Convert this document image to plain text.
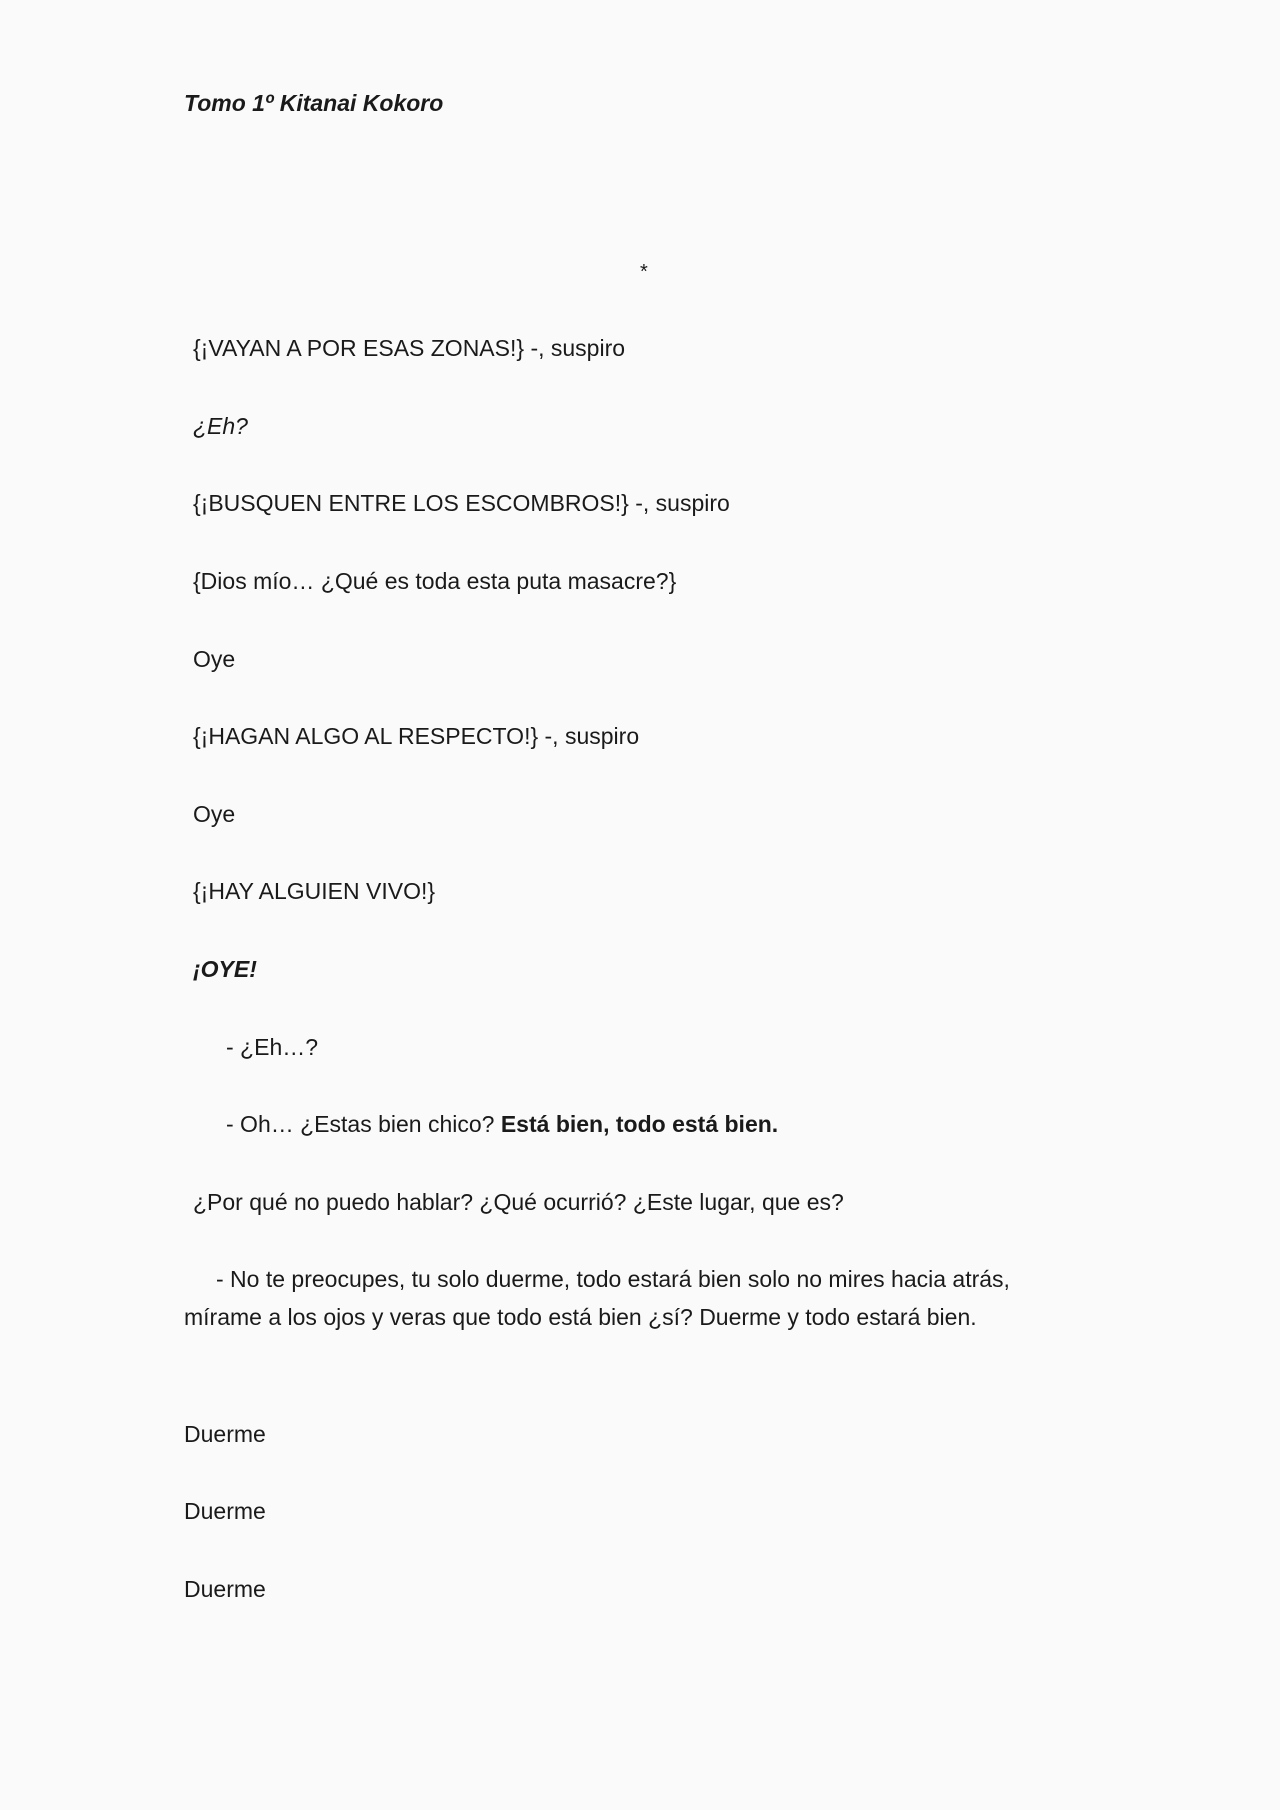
Tomo 1º Kitanai Kokoro
*
{¡VAYAN A POR ESAS ZONAS!} -, suspiro
¿Eh?
{¡BUSQUEN ENTRE LOS ESCOMBROS!} -, suspiro
{Dios mío… ¿Qué es toda esta puta masacre?}
Oye
{¡HAGAN ALGO AL RESPECTO!} -, suspiro
Oye
{¡HAY ALGUIEN VIVO!}
¡OYE!
- ¿Eh…?
- Oh… ¿Estas bien chico? Está bien, todo está bien.
¿Por qué no puedo hablar? ¿Qué ocurrió? ¿Este lugar, que es?
- No te preocupes, tu solo duerme, todo estará bien solo no mires hacia atrás, mírame a los ojos y veras que todo está bien ¿sí? Duerme y todo estará bien.
Duerme
Duerme
Duerme
